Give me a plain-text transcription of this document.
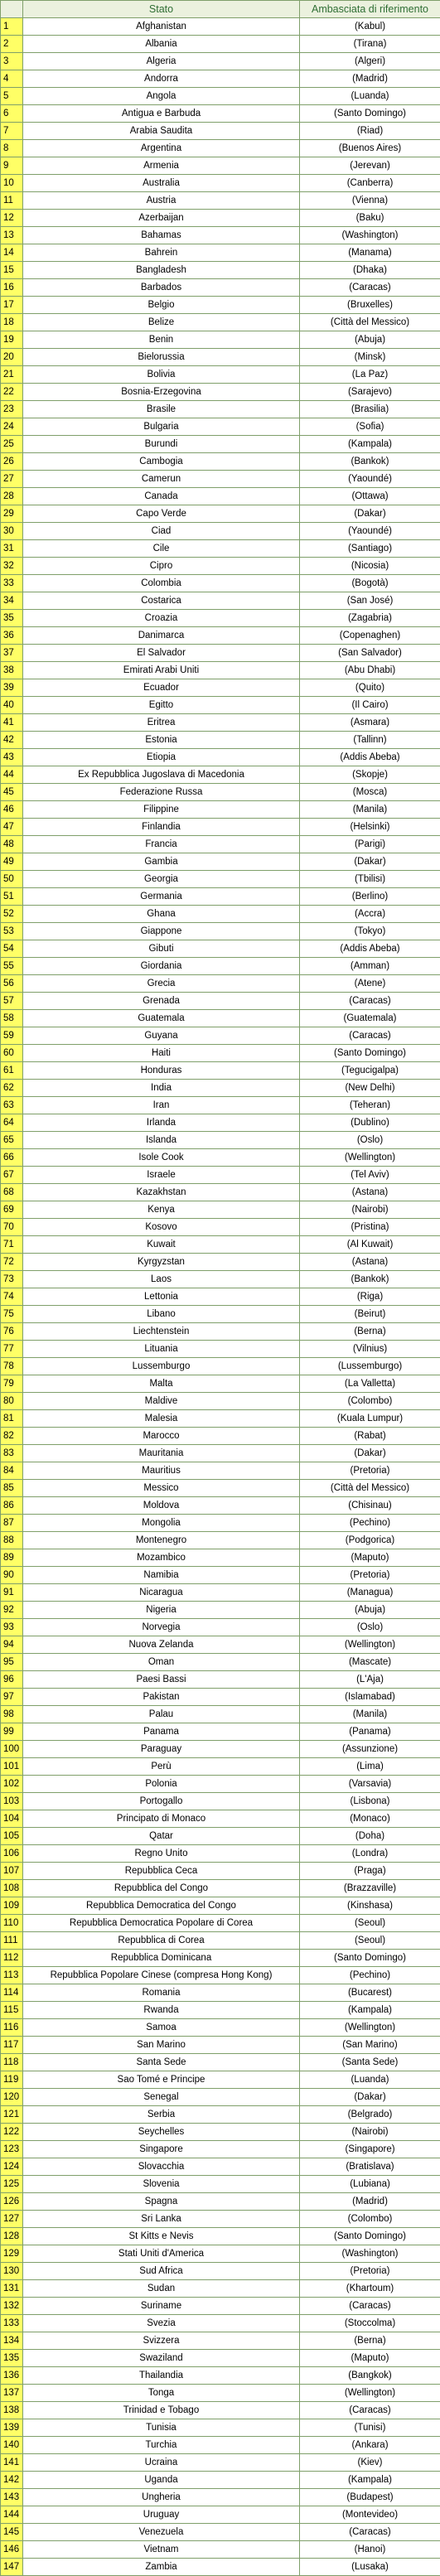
	Stato	Ambasciata di riferimento
1	Afghanistan	(Kabul)
2	Albania	(Tirana)
3	Algeria	(Algeri)
4	Andorra	(Madrid)
5	Angola	(Luanda)
6	Antigua e Barbuda	(Santo Domingo)
7	Arabia Saudita	(Riad)
8	Argentina	(Buenos Aires)
9	Armenia	(Jerevan)
10	Australia	(Canberra)
11	Austria	(Vienna)
12	Azerbaijan	(Baku)
13	Bahamas	(Washington)
14	Bahrein	(Manama)
15	Bangladesh	(Dhaka)
16	Barbados	(Caracas)
17	Belgio	(Bruxelles)
18	Belize	(Città del Messico)
19	Benin	(Abuja)
20	Bielorussia	(Minsk)
21	Bolivia	(La Paz)
22	Bosnia-Erzegovina	(Sarajevo)
23	Brasile	(Brasilia)
24	Bulgaria	(Sofia)
25	Burundi	(Kampala)
26	Cambogia	(Bankok)
27	Camerun	(Yaoundé)
28	Canada	(Ottawa)
29	Capo Verde	(Dakar)
30	Ciad	(Yaoundé)
31	Cile	(Santiago)
32	Cipro	(Nicosia)
33	Colombia	(Bogotà)
34	Costarica	(San José)
35	Croazia	(Zagabria)
36	Danimarca	(Copenaghen)
37	El Salvador	(San Salvador)
38	Emirati Arabi Uniti	(Abu Dhabi)
39	Ecuador	(Quito)
40	Egitto	(Il Cairo)
41	Eritrea	(Asmara)
42	Estonia	(Tallinn)
43	Etiopia	(Addis Abeba)
44	Ex Repubblica Jugoslava di Macedonia	(Skopje)
45	Federazione Russa	(Mosca)
46	Filippine	(Manila)
47	Finlandia	(Helsinki)
48	Francia	(Parigi)
49	Gambia	(Dakar)
50	Georgia	(Tbilisi)
51	Germania	(Berlino)
52	Ghana	(Accra)
53	Giappone	(Tokyo)
54	Gibuti	(Addis Abeba)
55	Giordania	(Amman)
56	Grecia	(Atene)
57	Grenada	(Caracas)
58	Guatemala	(Guatemala)
59	Guyana	(Caracas)
60	Haiti	(Santo Domingo)
61	Honduras	(Tegucigalpa)
62	India	(New Delhi)
63	Iran	(Teheran)
64	Irlanda	(Dublino)
65	Islanda	(Oslo)
66	Isole Cook	(Wellington)
67	Israele	(Tel Aviv)
68	Kazakhstan	(Astana)
69	Kenya	(Nairobi)
70	Kosovo	(Pristina)
71	Kuwait	(Al Kuwait)
72	Kyrgyzstan	(Astana)
73	Laos	(Bankok)
74	Lettonia	(Riga)
75	Libano	(Beirut)
76	Liechtenstein	(Berna)
77	Lituania	(Vilnius)
78	Lussemburgo	(Lussemburgo)
79	Malta	(La Valletta)
80	Maldive	(Colombo)
81	Malesia	(Kuala Lumpur)
82	Marocco	(Rabat)
83	Mauritania	(Dakar)
84	Mauritius	(Pretoria)
85	Messico	(Città del Messico)
86	Moldova	(Chisinau)
87	Mongolia	(Pechino)
88	Montenegro	(Podgorica)
89	Mozambico	(Maputo)
90	Namibia	(Pretoria)
91	Nicaragua	(Managua)
92	Nigeria	(Abuja)
93	Norvegia	(Oslo)
94	Nuova Zelanda	(Wellington)
95	Oman	(Mascate)
96	Paesi Bassi	(L'Aja)
97	Pakistan	(Islamabad)
98	Palau	(Manila)
99	Panama	(Panama)
100	Paraguay	(Assunzione)
101	Perù	(Lima)
102	Polonia	(Varsavia)
103	Portogallo	(Lisbona)
104	Principato di Monaco	(Monaco)
105	Qatar	(Doha)
106	Regno Unito	(Londra)
107	Repubblica Ceca	(Praga)
108	Repubblica del Congo	(Brazzaville)
109	Repubblica Democratica del Congo	(Kinshasa)
110	Repubblica Democratica Popolare di Corea	(Seoul)
111	Repubblica di Corea	(Seoul)
112	Repubblica Dominicana	(Santo Domingo)
113	Repubblica Popolare Cinese (compresa Hong Kong)	(Pechino)
114	Romania	(Bucarest)
115	Rwanda	(Kampala)
116	Samoa	(Wellington)
117	San Marino	(San Marino)
118	Santa Sede	(Santa Sede)
119	Sao Tomé e Principe	(Luanda)
120	Senegal	(Dakar)
121	Serbia	(Belgrado)
122	Seychelles	(Nairobi)
123	Singapore	(Singapore)
124	Slovacchia	(Bratislava)
125	Slovenia	(Lubiana)
126	Spagna	(Madrid)
127	Sri Lanka	(Colombo)
128	St Kitts e Nevis	(Santo Domingo)
129	Stati Uniti d'America	(Washington)
130	Sud Africa	(Pretoria)
131	Sudan	(Khartoum)
132	Suriname	(Caracas)
133	Svezia	(Stoccolma)
134	Svizzera	(Berna)
135	Swaziland	(Maputo)
136	Thailandia	(Bangkok)
137	Tonga	(Wellington)
138	Trinidad e Tobago	(Caracas)
139	Tunisia	(Tunisi)
140	Turchia	(Ankara)
141	Ucraina	(Kiev)
142	Uganda	(Kampala)
143	Ungheria	(Budapest)
144	Uruguay	(Montevideo)
145	Venezuela	(Caracas)
146	Vietnam	(Hanoi)
147	Zambia	(Lusaka)
